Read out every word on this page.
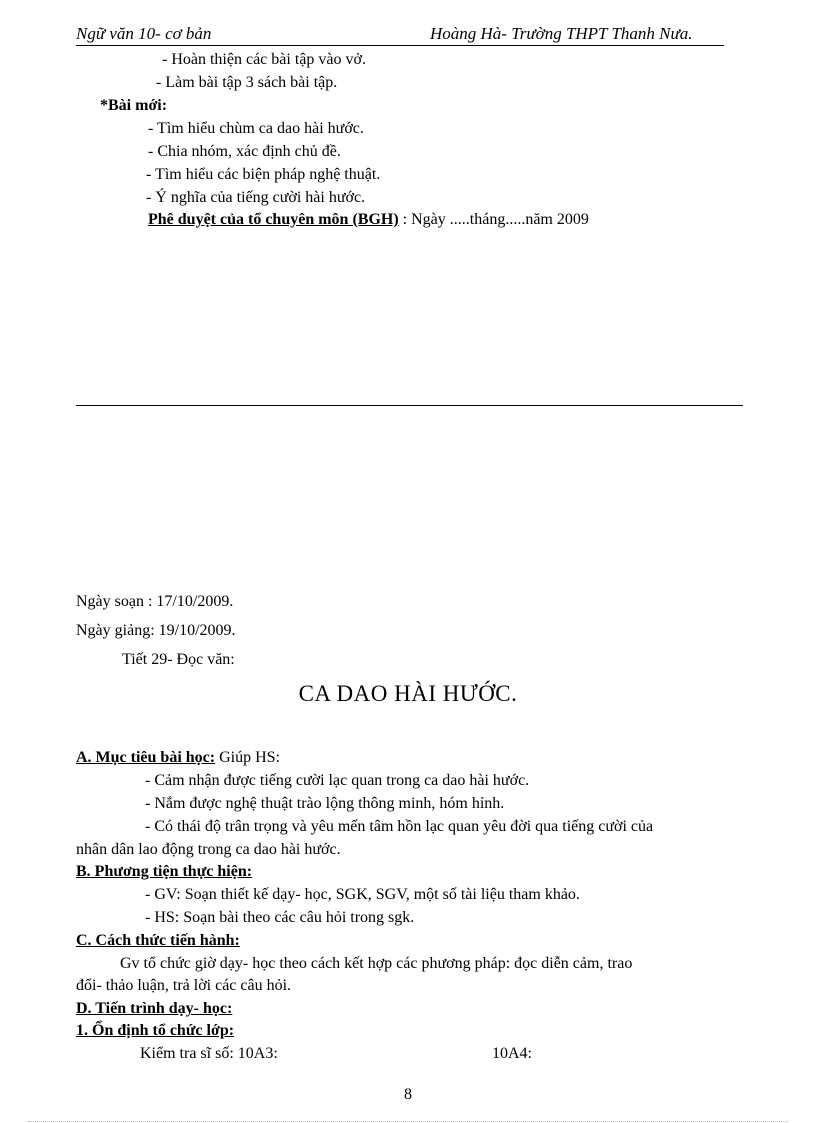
Ngữ văn 10- cơ bản	Hoàng Hà- Trường THPT Thanh Nưa.
- Hoàn thiện các bài tập vào vở.
- Làm bài tập 3 sách bài tập.
*Bài mới:
- Tìm hiểu chùm ca dao hài hước.
- Chia nhóm, xác định chủ đề.
- Tìm hiểu các biện pháp nghệ thuật.
- Ý nghĩa của tiếng cười hài hước.
Phê duyệt của tổ chuyên môn (BGH) : Ngày .....tháng.....năm 2009
Ngày soạn : 17/10/2009.
Ngày giảng: 19/10/2009.
Tiết 29- Đọc văn:
CA DAO HÀI HƯỚC.
A. Mục tiêu bài học: Giúp HS:
- Cảm nhận được tiếng cười lạc quan trong ca dao hài hước.
- Nắm được nghệ thuật trào lộng thông minh, hóm hỉnh.
- Có thái độ trân trọng và yêu mến tâm hồn lạc quan yêu đời qua tiếng cười của
nhân dân lao động trong ca dao hài hước.
B. Phương tiện thực hiện:
- GV: Soạn thiết kế dạy- học, SGK, SGV, một số tài liệu tham khảo.
- HS: Soạn bài theo các câu hỏi trong sgk.
C. Cách thức tiến hành:
Gv tổ chức giờ dạy- học theo cách kết hợp các phương pháp: đọc diễn cảm, trao
đổi- thảo luận, trả lời các câu hỏi.
D. Tiến trình dạy- học:
1. Ổn định tổ chức lớp:
Kiểm tra sĩ số: 10A3:	10A4:
8
